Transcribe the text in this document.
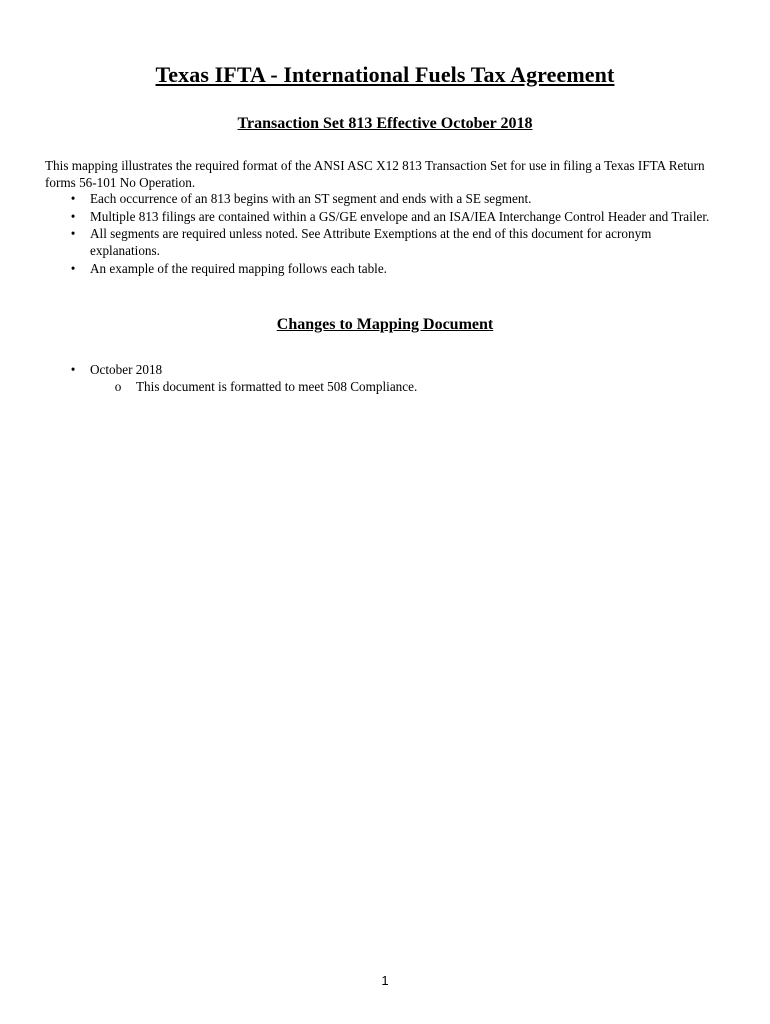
Texas IFTA - International Fuels Tax Agreement
Transaction Set 813 Effective October 2018

This mapping illustrates the required format of the ANSI ASC X12 813 Transaction Set for use in filing a Texas IFTA Return forms 56-101 No Operation.

• Each occurrence of an 813 begins with an ST segment and ends with a SE segment.
• Multiple 813 filings are contained within a GS/GE envelope and an ISA/IEA Interchange Control Header and Trailer.
• All segments are required unless noted. See Attribute Exemptions at the end of this document for acronym explanations.
• An example of the required mapping follows each table.
Changes to Mapping Document
• October 2018
o This document is formatted to meet 508 Compliance.
1
